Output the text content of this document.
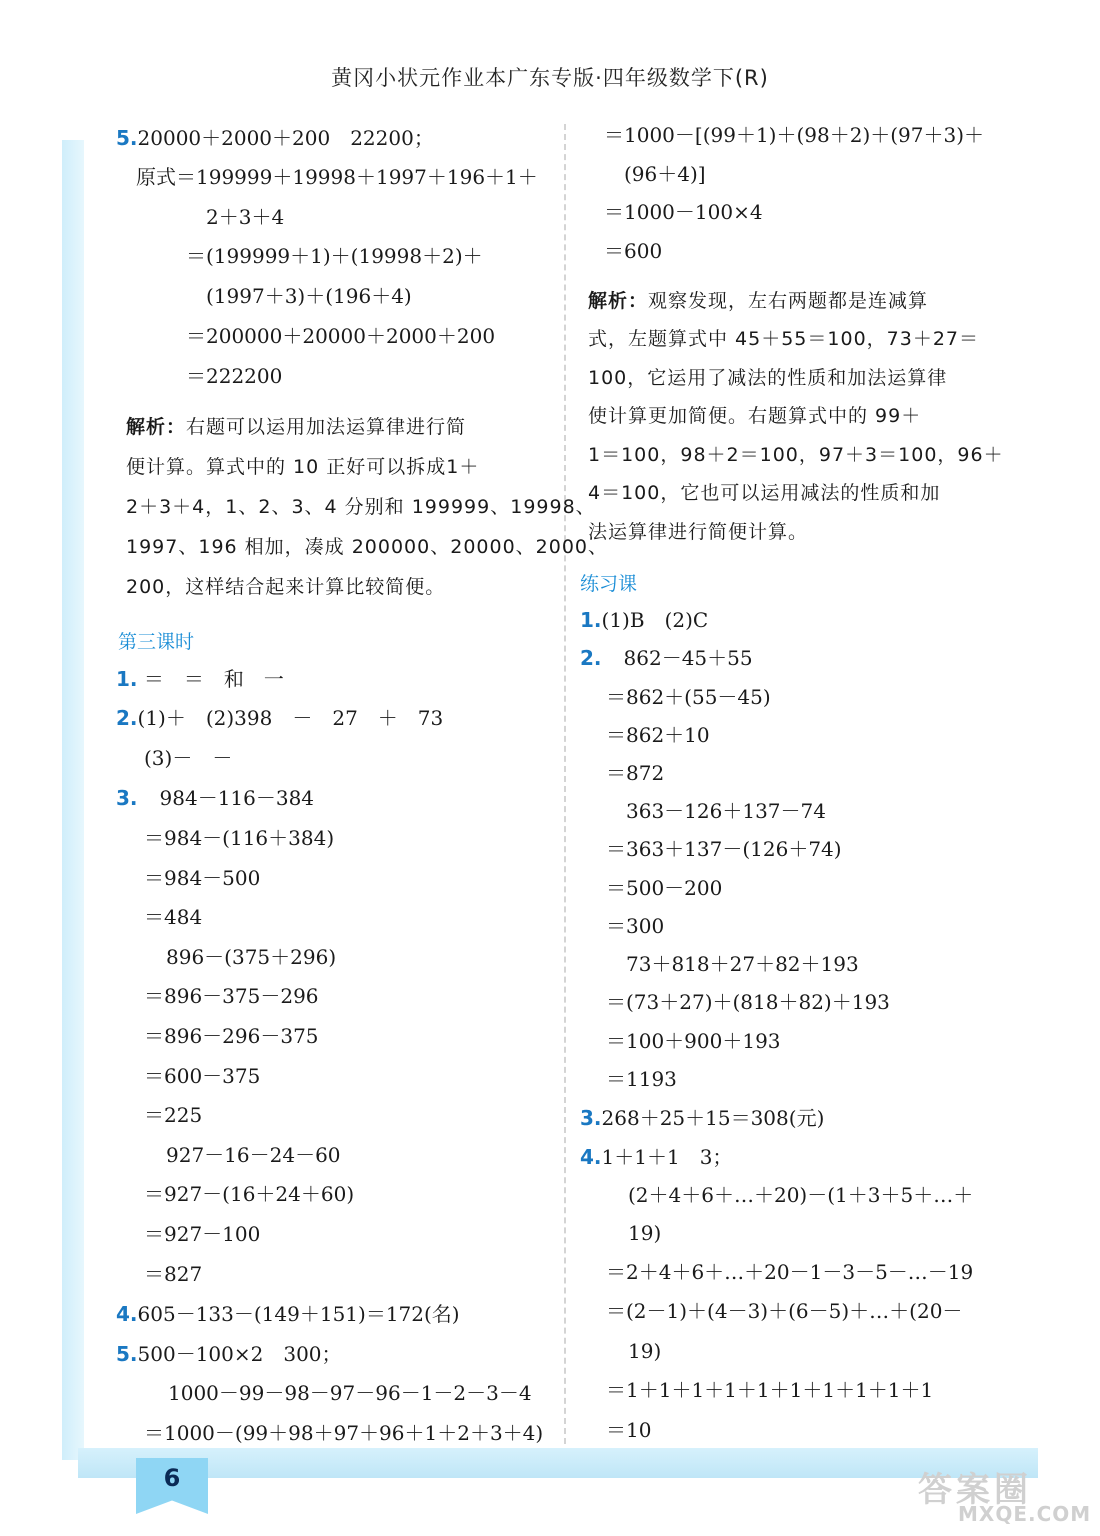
6
黄冈小状元作业本广东专版·四年级数学下(R)
5.20000＋2000＋200　22200；
原式＝199999＋19998＋1997＋196＋1＋
2＋3＋4
＝(199999＋1)＋(19998＋2)＋
(1997＋3)＋(196＋4)
＝200000＋20000＋2000＋200
＝222200
解析：右题可以运用加法运算律进行简
便计算。算式中的 10 正好可以拆成1＋
2＋3＋4，1、2、3、4 分别和 199999、19998、
1997、196 相加，凑成 200000、20000、2000、
200，这样结合起来计算比较简便。
第三课时
1. ＝　＝　和　一
2.(1)＋　(2)398　－　27　＋　73
(3)－　－
3. 984－116－384
＝984－(116＋384)
＝984－500
＝484
896－(375＋296)
＝896－375－296
＝896－296－375
＝600－375
＝225
927－16－24－60
＝927－(16＋24＋60)
＝927－100
＝827
4.605－133－(149＋151)＝172(名)
5.500－100×2　300；
1000－99－98－97－96－1－2－3－4
＝1000－(99＋98＋97＋96＋1＋2＋3＋4)
＝1000－[(99＋1)＋(98＋2)＋(97＋3)＋
(96＋4)]
＝1000－100×4
＝600
解析：观察发现，左右两题都是连减算
式，左题算式中 45＋55＝100，73＋27＝
100，它运用了减法的性质和加法运算律
使计算更加简便。右题算式中的 99＋
1＝100，98＋2＝100，97＋3＝100，96＋
4＝100，它也可以运用减法的性质和加
法运算律进行简便计算。
练习课
1.(1)B　(2)C
2. 862－45＋55
＝862＋(55－45)
＝862＋10
＝872
363－126＋137－74
＝363＋137－(126＋74)
＝500－200
＝300
73＋818＋27＋82＋193
＝(73＋27)＋(818＋82)＋193
＝100＋900＋193
＝1193
3.268＋25＋15＝308(元)
4.1＋1＋1　3；
(2＋4＋6＋…＋20)－(1＋3＋5＋…＋
19)
＝2＋4＋6＋…＋20－1－3－5－…－19
＝(2－1)＋(4－3)＋(6－5)＋…＋(20－
19)
＝1＋1＋1＋1＋1＋1＋1＋1＋1＋1
＝10
答案圈
MXQE.COM
